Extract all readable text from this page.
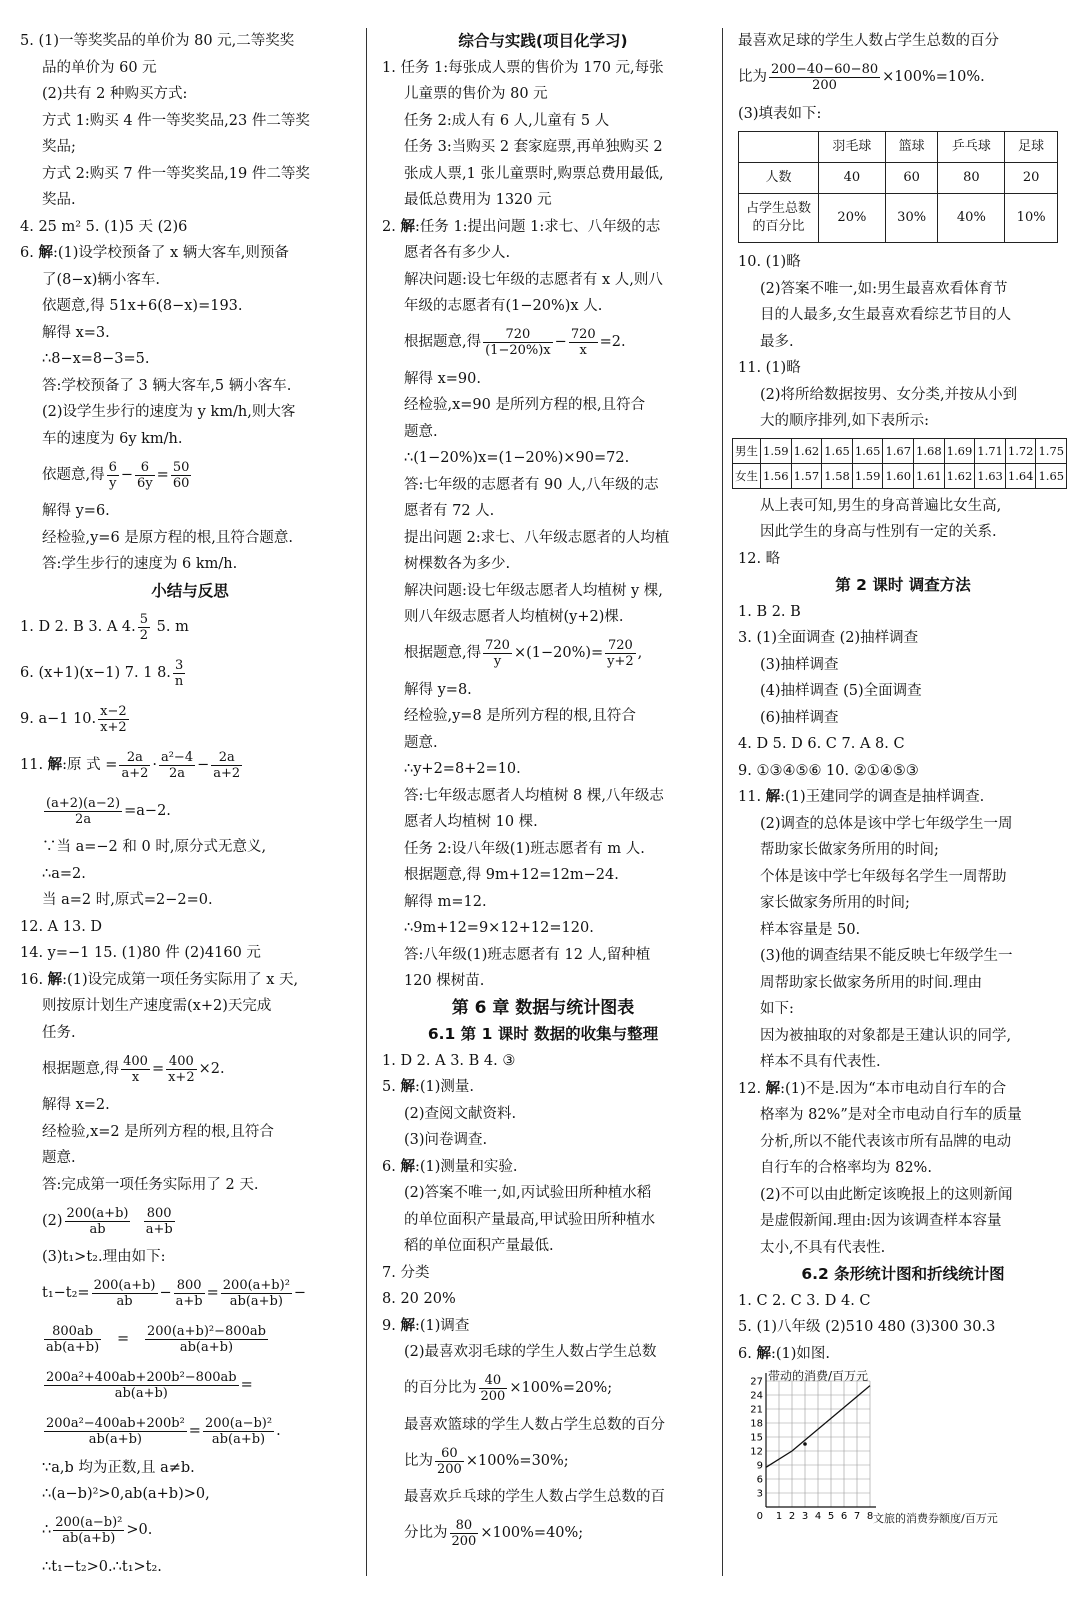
5. (1)一等奖奖品的单价为 80 元,二等奖奖
品的单价为 60 元
(2)共有 2 种购买方式:
方式 1:购买 4 件一等奖奖品,23 件二等奖
奖品;
方式 2:购买 7 件一等奖奖品,19 件二等奖
奖品.
4. 25 m² 5. (1)5 天 (2)6
6. 解:(1)设学校预备了 x 辆大客车,则预备
了(8−x)辆小客车.
依题意,得 51x+6(8−x)=193.
解得 x=3.
∴8−x=8−3=5.
答:学校预备了 3 辆大客车,5 辆小客车.
(2)设学生步行的速度为 y km/h,则大客
车的速度为 6y km/h.
依题意,得 $\frac{6}{y} - \frac{6}{6y} = \frac{50}{60}$
解得 y=6.
经检验,y=6 是原方程的根,且符合题意.
答:学生步行的速度为 6 km/h.
小结与反思
1. D 2. B 3. A 4. $\frac{5}{2}$
5. m
6. (x+1)(x−1) 7. 1 8. $\frac{3}{n}$
9. a−1 10. $\frac{x-2}{x+2}$
11.
解 :原 式 = $\frac{2a}{a+2} \cdot \frac{\text{a²−4}}{2a} - \frac{2a}{a+2}$
$\frac{(a+2)(a-2)}{2a} =a-2$.
∵当 a=−2 和 0 时,原分式无意义,
∴a=2.
当 a=2 时,原式=2−2=0.
12. A 13. D
14. y=−1 15. (1)80 件 (2)4160 元
16. 解:(1)设完成第一项任务实际用了 x 天,
则按原计划生产速度需(x+2)天完成
任务.
根据题意,得 $\frac{400}{x} = \frac{400}{x+2} \times 2$.
解得 x=2.
经检验,x=2 是所列方程的根,且符合
题意.
答:完成第一项任务实际用了 2 天.
$(2) \frac{200(a+b)}{ab}$
$\frac{800}{a+b}$
(3)t₁>t₂.理由如下:
$t_1-t_2= \frac{200(a+b)}{ab} - \frac{800}{a+b} = \frac{\text{200(a+b)²}}{ab(a+b)}$ −
$\frac{800ab}{ab(a+b)}$
=
$\frac{\text{200(a+b)²−800ab}}{ab(a+b)}$
$\frac{\text{200a²+400ab+200b²−800ab}}{ab(a+b)}$ =
$\frac{\text{200a²−400ab+200b²}}{ab(a+b)} = \frac{\text{200(a−b)²}}{ab(a+b)}$ .
∵a,b 均为正数,且 a≠b.
∴(a−b)²>0,ab(a+b)>0,
∴ $\frac{\text{200(a−b)²}}{ab(a+b)} >0$.
∴t₁−t₂>0.∴t₁>t₂.
综合与实践(项目化学习)
1. 任务 1:每张成人票的售价为 170 元,每张
儿童票的售价为 80 元
任务 2:成人有 6 人,儿童有 5 人
任务 3:当购买 2 套家庭票,再单独购买 2
张成人票,1 张儿童票时,购票总费用最低,
最低总费用为 1320 元
2. 解:任务 1:提出问题 1:求七、八年级的志
愿者各有多少人.
解决问题:设七年级的志愿者有 x 人,则八
年级的志愿者有(1−20%)x 人.
根据题意,得 $\frac{720}{(1-20\%)x} - \frac{720}{x} =2$.
解得 x=90.
经检验,x=90 是所列方程的根,且符合
题意.
∴(1−20%)x=(1−20%)×90=72.
答:七年级的志愿者有 90 人,八年级的志
愿者有 72 人.
提出问题 2:求七、八年级志愿者的人均植
树棵数各为多少.
解决问题:设七年级志愿者人均植树 y 棵,
则八年级志愿者人均植树(y+2)棵.
根据题意,得 $\frac{720}{y} \times(1-20\%)= \frac{720}{y+2}$ ,
解得 y=8.
经检验,y=8 是所列方程的根,且符合
题意.
∴y+2=8+2=10.
答:七年级志愿者人均植树 8 棵,八年级志
愿者人均植树 10 棵.
任务 2:设八年级(1)班志愿者有 m 人.
根据题意,得 9m+12=12m−24.
解得 m=12.
∴9m+12=9×12+12=120.
答:八年级(1)班志愿者有 12 人,留种植
120 棵树苗.
第 6 章 数据与统计图表
6.1 第 1 课时 数据的收集与整理
1. D 2. A 3. B 4. ③
5. 解:(1)测量.
(2)查阅文献资料.
(3)问卷调查.
6. 解:(1)测量和实验.
(2)答案不唯一,如,丙试验田所种植水稻
的单位面积产量最高,甲试验田所种植水
稻的单位面积产量最低.
7. 分类
8. 20 20%
9. 解:(1)调查
(2)最喜欢羽毛球的学生人数占学生总数
的百分比为 $\frac{40}{200} \times 100\%=20\%$;
最喜欢篮球的学生人数占学生总数的百分
比为 $\frac{60}{200} \times 100\%=30\%$;
最喜欢乒乓球的学生人数占学生总数的百
分比为 $\frac{80}{200} \times 100\%=40\%$;
最喜欢足球的学生人数占学生总数的百分
比为 $\frac{200-40-60-80}{200} \times 100\%=10\%$.
(3)填表如下:
	羽毛球	篮球	乒乓球	足球
人数	40	60	80	20
占学生总数的百分比	20%	30%	40%	10%
10. (1)略
(2)答案不唯一,如:男生最喜欢看体育节
目的人最多,女生最喜欢看综艺节目的人
最多.
11. (1)略
(2)将所给数据按男、女分类,并按从小到
大的顺序排列,如下表所示:
男生	1.59	1.62	1.65	1.65	1.67	1.68	1.69	1.71	1.72	1.75
女生	1.56	1.57	1.58	1.59	1.60	1.61	1.62	1.63	1.64	1.65
从上表可知,男生的身高普遍比女生高,
因此学生的身高与性别有一定的关系.
12. 略
第 2 课时 调查方法
1. B 2. B
3. (1)全面调查 (2)抽样调查
(3)抽样调查
(4)抽样调查 (5)全面调查
(6)抽样调查
4. D 5. D 6. C 7. A 8. C
9. ①③④⑤⑥ 10. ②①④⑤③
11. 解:(1)王建同学的调查是抽样调查.
(2)调查的总体是该中学七年级学生一周
帮助家长做家务所用的时间;
个体是该中学七年级每名学生一周帮助
家长做家务所用的时间;
样本容量是 50.
(3)他的调查结果不能反映七年级学生一
周帮助家长做家务所用的时间.理由
如下:
因为被抽取的对象都是王建认识的同学,
样本不具有代表性.
12. 解:(1)不是.因为“本市电动自行车的合
格率为 82%”是对全市电动自行车的质量
分析,所以不能代表该市所有品牌的电动
自行车的合格率均为 82%.
(2)不可以由此断定该晚报上的这则新闻
是虚假新闻.理由:因为该调查样本容量
太小,不具有代表性.
6.2 条形统计图和折线统计图
1. C 2. C 3. D 4. C
5. (1)八年级 (2)510 480 (3)300 30.3
6. 解:(1)如图.
带动的消费/百万元
文旅的消费券额度/百万元
1 2 3 4 5 6 7 8
3
6
9
12
15
18
21
24
27
0
